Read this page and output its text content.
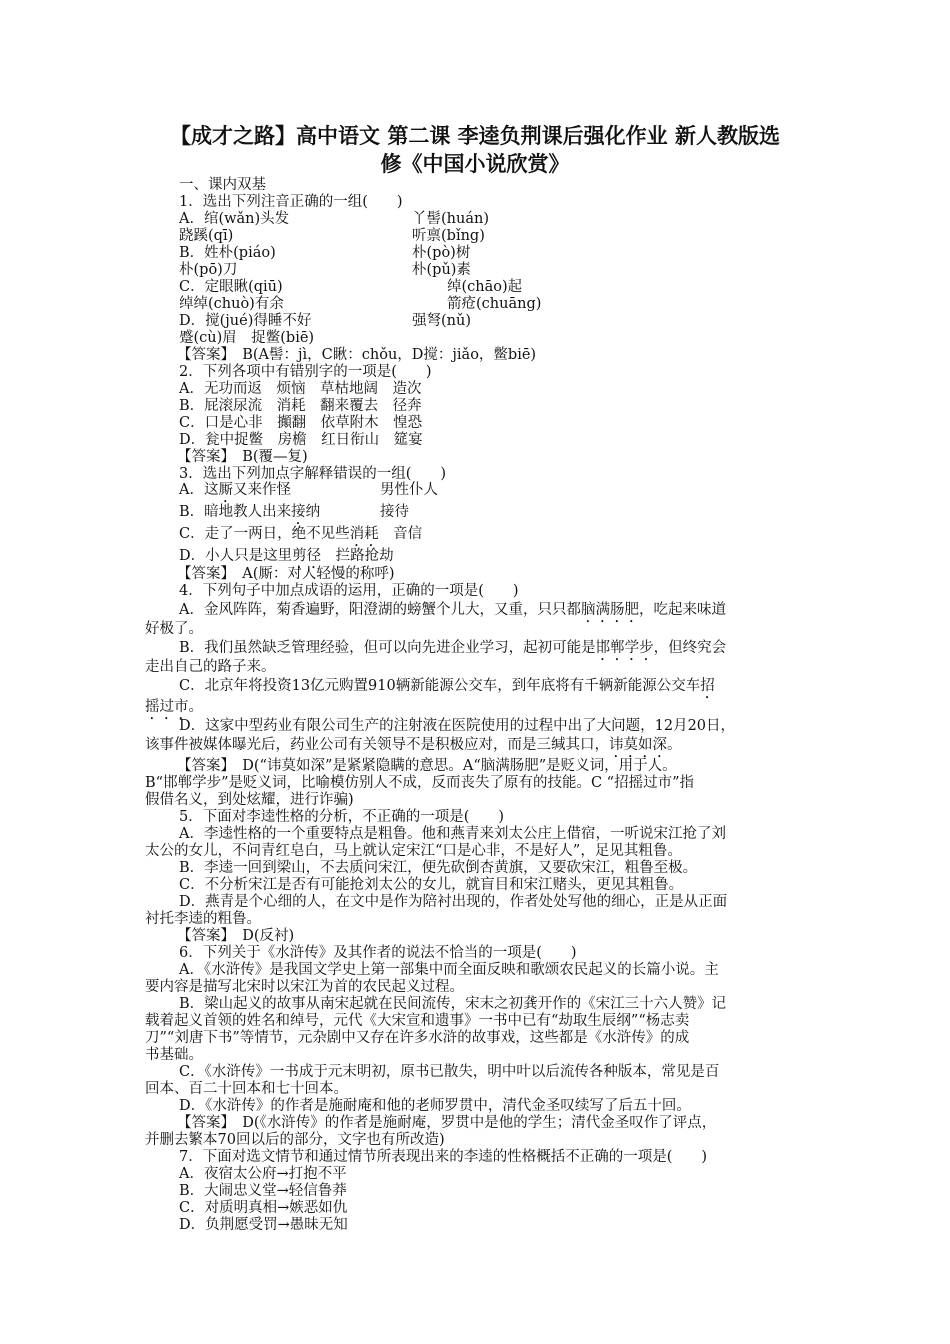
【成才之路】高中语文 第二课 李逵负荆课后强化作业 新人教版选
修《中国小说欣赏》
一、课内双基
1．选出下列注音正确的一组(　　)
A．绾(wǎn)头发	丫髻(huán)
跷蹊(qī)	听禀(bǐng)
B．姓朴(piáo)	朴(pò)树
朴(pō)刀	朴(pǔ)素
C．定眼瞅(qiū)	绰(chāo)起
绰绰(chuò)有余	箭疮(chuāng)
D．搅(jué)得睡不好	强弩(nǔ)
蹙(cù)眉　捉鳖(biē)
【答案】　B(A髻：jì，C瞅：chǒu，D搅：jiǎo，鳖biē)
2．下列各项中有错别字的一项是(　　)
A．无功而返　烦恼　草枯地阔　造次
B．屁滚尿流　消耗　翻来覆去　径奔
C．口是心非　攧翻　依草附木　惶恐
D．瓮中捉鳖　房檐　红日衔山　筵宴
【答案】　B(覆—复)
3．选出下列加点字解释错误的一组(　　)
A．这厮又来作怪	男性仆人
B．暗地教人出来接纳	接待
C．走了一两日，绝不见些消耗　 音信
D．小人只是这里剪径　 拦路抢劫
【答案】　A(厮：对人轻慢的称呼)
4．下列句子中加点成语的运用，正确的一项是(　　)
A．金风阵阵，菊香遍野，阳澄湖的螃蟹个儿大，又重，只只都脑满肠肥，吃起来味道
好极了。
B．我们虽然缺乏管理经验，但可以向先进企业学习，起初可能是邯郸学步，但终究会
走出自己的路子来。
C．北京年将投资13亿元购置910辆新能源公交车，到年底将有千辆新能源公交车招
摇过市。
D．这家中型药业有限公司生产的注射液在医院使用的过程中出了大问题，12月20日，
该事件被媒体曝光后，药业公司有关领导不是积极应对，而是三缄其口，讳莫如深。
【答案】　D(“讳莫如深”是紧紧隐瞒的意思。A“脑满肠肥”是贬义词，用于人。
B“邯郸学步”是贬义词，比喻模仿别人不成，反而丧失了原有的技能。C “招摇过市”指
假借名义，到处炫耀，进行诈骗)
5．下面对李逵性格的分析，不正确的一项是(　　)
A．李逵性格的一个重要特点是粗鲁。他和燕青来刘太公庄上借宿，一听说宋江抢了刘
太公的女儿，不问青红皂白，马上就认定宋江“口是心非，不是好人”，足见其粗鲁。
B．李逵一回到梁山，不去质问宋江，便先砍倒杏黄旗，又要砍宋江，粗鲁至极。
C．不分析宋江是否有可能抢刘太公的女儿，就盲目和宋江赌头，更见其粗鲁。
D．燕青是个心细的人，在文中是作为陪衬出现的，作者处处写他的细心，正是从正面
衬托李逵的粗鲁。
【答案】　D(反衬)
6．下列关于《水浒传》及其作者的说法不恰当的一项是(　　)
A．《水浒传》是我国文学史上第一部集中而全面反映和歌颂农民起义的长篇小说。主
要内容是描写北宋时以宋江为首的农民起义过程。
B．梁山起义的故事从南宋起就在民间流传，宋末之初龚开作的《宋江三十六人赞》记
载着起义首领的姓名和绰号，元代《大宋宣和遗事》一书中已有“劫取生辰纲”“杨志卖
刀”“刘唐下书”等情节，元杂剧中又存在许多水浒的故事戏，这些都是《水浒传》的成
书基础。
C．《水浒传》一书成于元末明初，原书已散失，明中叶以后流传各种版本，常见是百
回本、百二十回本和七十回本。
D．《水浒传》的作者是施耐庵和他的老师罗贯中，清代金圣叹续写了后五十回。
【答案】　D(《水浒传》的作者是施耐庵，罗贯中是他的学生；清代金圣叹作了评点，
并删去繁本70回以后的部分，文字也有所改造)
7．下面对选文情节和通过情节所表现出来的李逵的性格概括不正确的一项是(　　)
A．夜宿太公府→打抱不平
B．大闹忠义堂→轻信鲁莽
C．对质明真相→嫉恶如仇
D．负荆愿受罚→愚昧无知
